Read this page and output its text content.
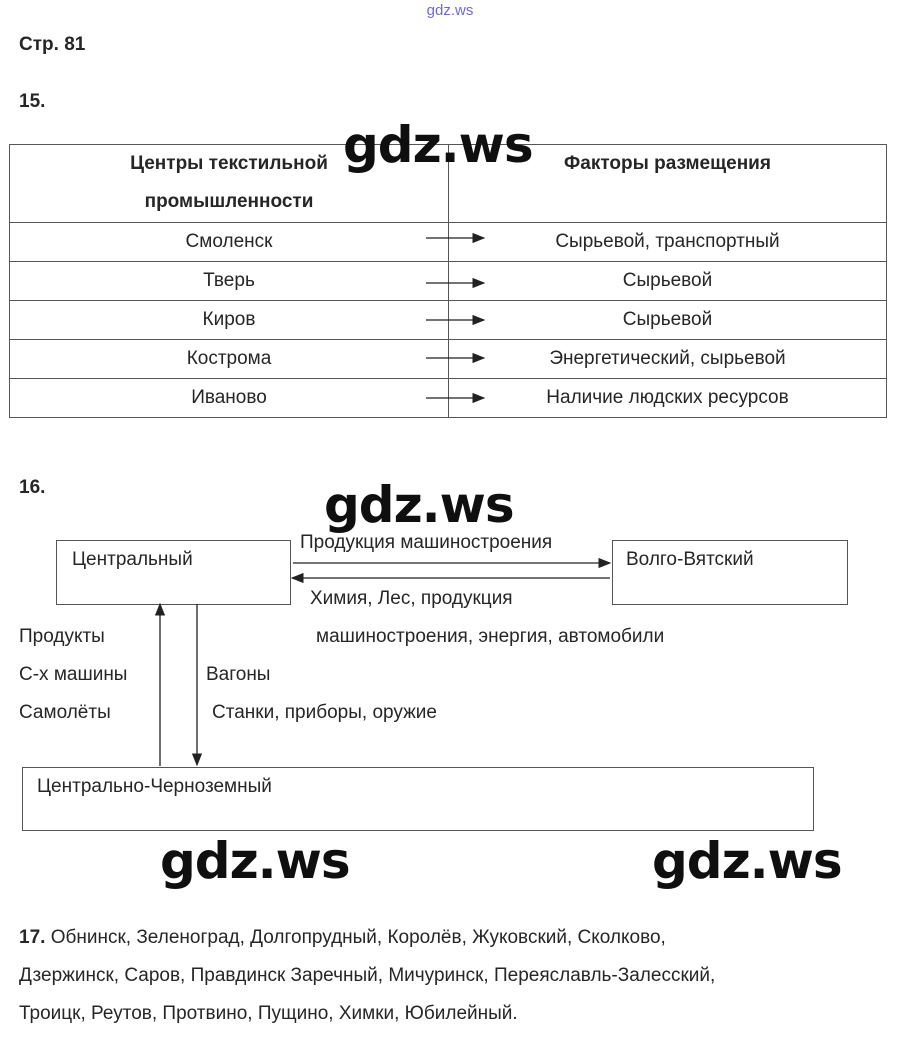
gdz.ws
Стр. 81
15.
Центры текстильной
промышленности	Факторы размещения
Смоленск	Сырьевой, транспортный
Тверь	Сырьевой
Киров	Сырьевой
Кострома	Энергетический, сырьевой
Иваново	Наличие людских ресурсов
gdz.ws
16.	gdz.ws
Центральный	Волго-Вятский
Центрально-Черноземный
Продукция машиностроения
Химия, Лес, продукция
машиностроения, энергия, автомобили
Продукты
С-х машины
Самолёты
Вагоны
Станки, приборы, оружие
gdz.ws	gdz.ws
17. Обнинск, Зеленоград, Долгопрудный, Королёв, Жуковский, Сколково,
Дзержинск, Саров, Правдинск Заречный, Мичуринск, Переяславль-Залесский,
Троицк, Реутов, Протвино, Пущино, Химки, Юбилейный.
